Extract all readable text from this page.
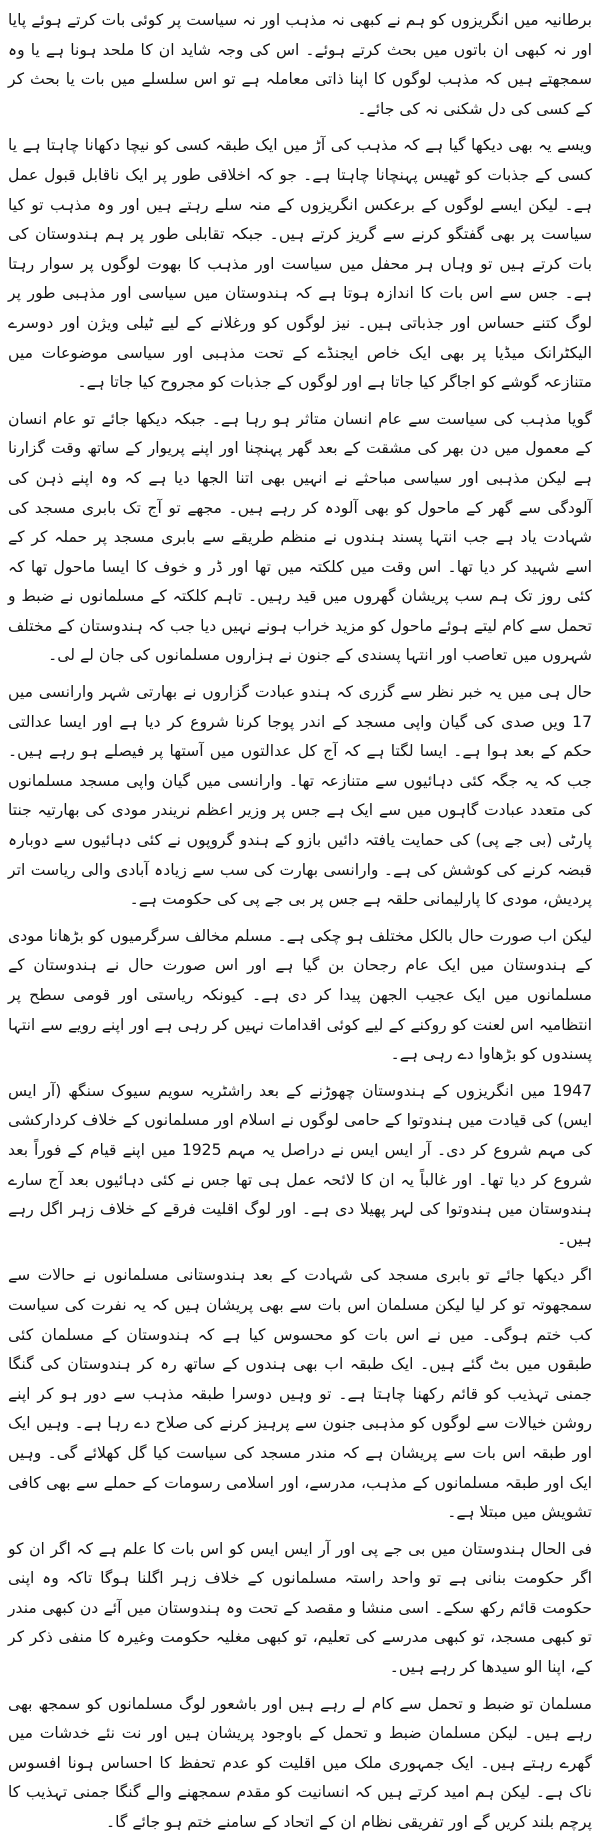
برطانیہ میں انگریزوں کو ہم نے کبھی نہ مذہب اور نہ سیاست پر کوئی بات کرتے ہوئے پایا اور نہ کبھی ان باتوں میں بحث کرتے ہوئے۔ اس کی وجہ شاید ان کا ملحد ہونا ہے یا وہ سمجھتے ہیں کہ مذہب لوگوں کا اپنا ذاتی معاملہ ہے تو اس سلسلے میں بات یا بحث کر کے کسی کی دل شکنی نہ کی جائے۔

ویسے یہ بھی دیکھا گیا ہے کہ مذہب کی آڑ میں ایک طبقہ کسی کو نیچا دکھانا چاہتا ہے یا کسی کے جذبات کو ٹھیس پہنچانا چاہتا ہے۔ جو کہ اخلاقی طور پر ایک ناقابل قبول عمل ہے۔ لیکن ایسے لوگوں کے برعکس انگریزوں کے منہ سلے رہتے ہیں اور وہ مذہب تو کیا سیاست پر بھی گفتگو کرنے سے گریز کرتے ہیں۔ جبکہ تقابلی طور پر ہم ہندوستان کی بات کرتے ہیں تو وہاں ہر محفل میں سیاست اور مذہب کا بھوت لوگوں پر سوار رہتا ہے۔ جس سے اس بات کا اندازہ ہوتا ہے کہ ہندوستان میں سیاسی اور مذہبی طور پر لوگ کتنے حساس اور جذباتی ہیں۔ نیز لوگوں کو ورغلانے کے لیے ٹیلی ویژن اور دوسرے الیکٹرانک میڈیا پر بھی ایک خاص ایجنڈے کے تحت مذہبی اور سیاسی موضوعات میں متنازعہ گوشے کو اجاگر کیا جاتا ہے اور لوگوں کے جذبات کو مجروح کیا جاتا ہے۔

گویا مذہب کی سیاست سے عام انسان متاثر ہو رہا ہے۔ جبکہ دیکھا جائے تو عام انسان کے معمول میں دن بھر کی مشقت کے بعد گھر پہنچنا اور اپنے پریوار کے ساتھ وقت گزارنا ہے لیکن مذہبی اور سیاسی مباحثے نے انہیں بھی اتنا الجھا دیا ہے کہ وہ اپنے ذہن کی آلودگی سے گھر کے ماحول کو بھی آلودہ کر رہے ہیں۔ مجھے تو آج تک بابری مسجد کی شہادت یاد ہے جب انتہا پسند ہندوں نے منظم طریقے سے بابری مسجد پر حملہ کر کے اسے شہید کر دیا تھا۔ اس وقت میں کلکتہ میں تھا اور ڈر و خوف کا ایسا ماحول تھا کہ کئی روز تک ہم سب پریشان گھروں میں قید رہیں۔ تاہم کلکتہ کے مسلمانوں نے ضبط و تحمل سے کام لیتے ہوئے ماحول کو مزید خراب ہونے نہیں دیا جب کہ ہندوستان کے مختلف شہروں میں تعاصب اور انتہا پسندی کے جنون نے ہزاروں مسلمانوں کی جان لے لی۔

حال ہی میں یہ خبر نظر سے گزری کہ ہندو عبادت گزاروں نے بھارتی شہر وارانسی میں 17 ویں صدی کی گیان واپی مسجد کے اندر پوجا کرنا شروع کر دیا ہے اور ایسا عدالتی حکم کے بعد ہوا ہے۔ ایسا لگتا ہے کہ آج کل عدالتوں میں آستھا پر فیصلے ہو رہے ہیں۔ جب کہ یہ جگہ کئی دہائیوں سے متنازعہ تھا۔ وارانسی میں گیان واپی مسجد مسلمانوں کی متعدد عبادت گاہوں میں سے ایک ہے جس پر وزیر اعظم نریندر مودی کی بھارتیہ جنتا پارٹی (بی جے پی) کی حمایت یافتہ دائیں بازو کے ہندو گروپوں نے کئی دہائیوں سے دوبارہ قبضہ کرنے کی کوشش کی ہے۔ وارانسی بھارت کی سب سے زیادہ آبادی والی ریاست اتر پردیش، مودی کا پارلیمانی حلقہ ہے جس پر بی جے پی کی حکومت ہے۔

لیکن اب صورت حال بالکل مختلف ہو چکی ہے۔ مسلم مخالف سرگرمیوں کو بڑھانا مودی کے ہندوستان میں ایک عام رجحان بن گیا ہے اور اس صورت حال نے ہندوستان کے مسلمانوں میں ایک عجیب الجھن پیدا کر دی ہے۔ کیونکہ ریاستی اور قومی سطح پر انتظامیہ اس لعنت کو روکنے کے لیے کوئی اقدامات نہیں کر رہی ہے اور اپنے رویے سے انتہا پسندوں کو بڑھاوا دے رہی ہے۔

1947 میں انگریزوں کے ہندوستان چھوڑنے کے بعد راشٹریہ سویم سیوک سنگھ (آر ایس ایس) کی قیادت میں ہندوتوا کے حامی لوگوں نے اسلام اور مسلمانوں کے خلاف کردارکشی کی مہم شروع کر دی۔ آر ایس ایس نے دراصل یہ مہم 1925 میں اپنے قیام کے فوراً بعد شروع کر دیا تھا۔ اور غالباً یہ ان کا لائحہ عمل ہی تھا جس نے کئی دہائیوں بعد آج سارے ہندوستان میں ہندوتوا کی لہر پھیلا دی ہے۔ اور لوگ اقلیت فرقے کے خلاف زہر اگل رہے ہیں۔

اگر دیکھا جائے تو بابری مسجد کی شہادت کے بعد ہندوستانی مسلمانوں نے حالات سے سمجھوتہ تو کر لیا لیکن مسلمان اس بات سے بھی پریشان ہیں کہ یہ نفرت کی سیاست کب ختم ہوگی۔ میں نے اس بات کو محسوس کیا ہے کہ ہندوستان کے مسلمان کئی طبقوں میں بٹ گئے ہیں۔ ایک طبقہ اب بھی ہندوں کے ساتھ رہ کر ہندوستان کی گنگا جمنی تہذیب کو قائم رکھنا چاہتا ہے۔ تو وہیں دوسرا طبقہ مذہب سے دور ہو کر اپنے روشن خیالات سے لوگوں کو مذہبی جنون سے پرہیز کرنے کی صلاح دے رہا ہے۔ وہیں ایک اور طبقہ اس بات سے پریشان ہے کہ مندر مسجد کی سیاست کیا گل کھلائے گی۔ وہیں ایک اور طبقہ مسلمانوں کے مذہب، مدرسے، اور اسلامی رسومات کے حملے سے بھی کافی تشویش میں مبتلا ہے۔

فی الحال ہندوستان میں بی جے پی اور آر ایس ایس کو اس بات کا علم ہے کہ اگر ان کو اگر حکومت بنانی ہے تو واحد راستہ مسلمانوں کے خلاف زہر اگلنا ہوگا تاکہ وہ اپنی حکومت قائم رکھ سکے۔ اسی منشا و مقصد کے تحت وہ ہندوستان میں آئے دن کبھی مندر تو کبھی مسجد، تو کبھی مدرسے کی تعلیم، تو کبھی مغلیہ حکومت وغیرہ کا منفی ذکر کر کے، اپنا الو سیدھا کر رہے ہیں۔

مسلمان تو ضبط و تحمل سے کام لے رہے ہیں اور باشعور لوگ مسلمانوں کو سمجھ بھی رہے ہیں۔ لیکن مسلمان ضبط و تحمل کے باوجود پریشان ہیں اور نت نئے خدشات میں گھرے رہتے ہیں۔ ایک جمہوری ملک میں اقلیت کو عدم تحفظ کا احساس ہونا افسوس ناک ہے۔ لیکن ہم امید کرتے ہیں کہ انسانیت کو مقدم سمجھنے والے گنگا جمنی تہذیب کا پرچم بلند کریں گے اور تفریقی نظام ان کے اتحاد کے سامنے ختم ہو جائے گا۔
